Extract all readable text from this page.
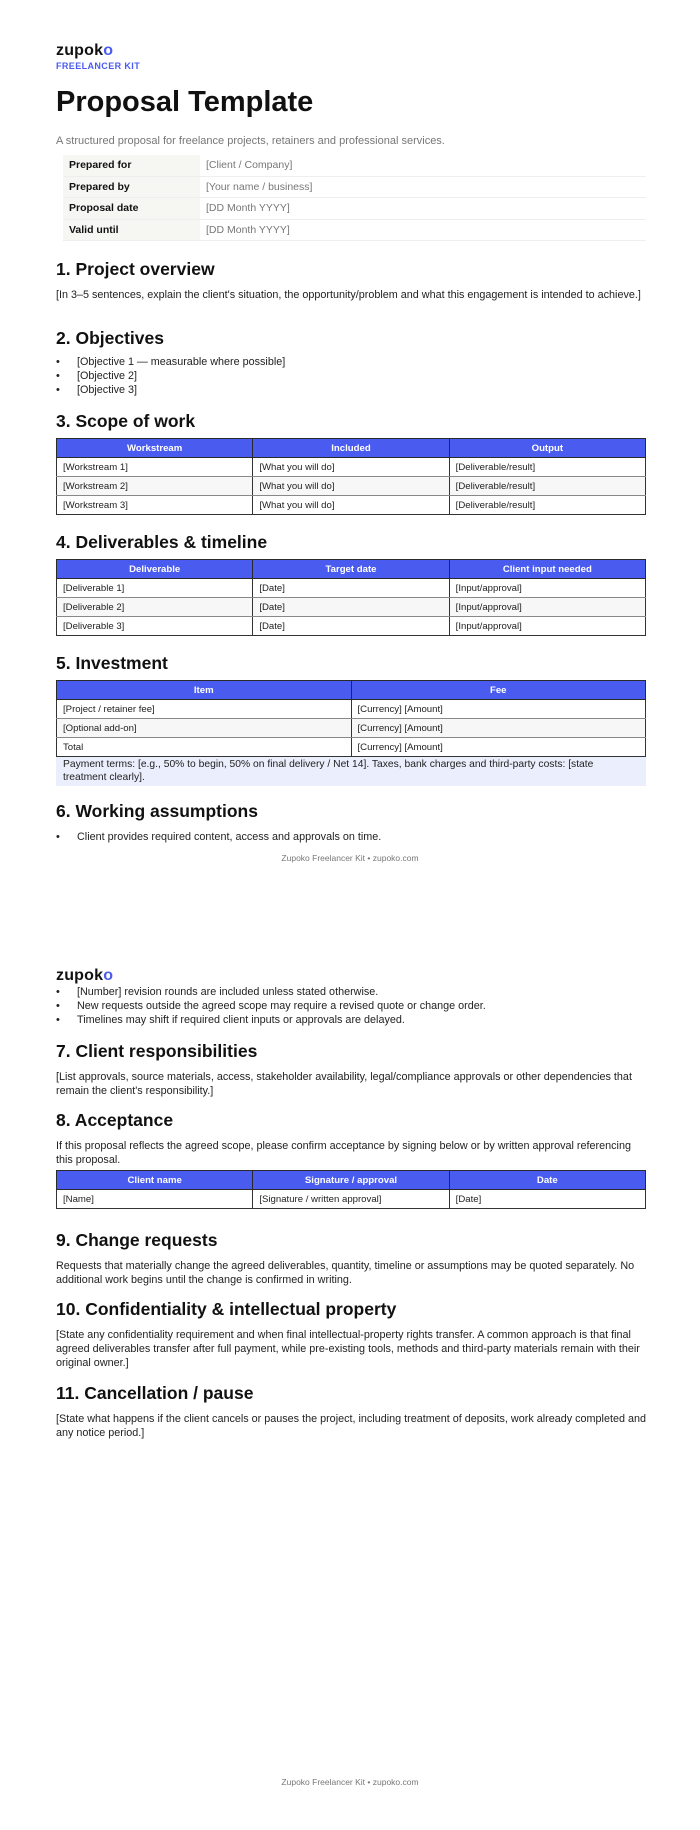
zupoko
FREELANCER KIT
Proposal Template
A structured proposal for freelance projects, retainers and professional services.
Prepared for	[Client / Company]
Prepared by	[Your name / business]
Proposal date	[DD Month YYYY]
Valid until	[DD Month YYYY]
1. Project overview
[In 3–5 sentences, explain the client's situation, the opportunity/problem and what this engagement is intended to achieve.]
2. Objectives
• [Objective 1 — measurable where possible]
• [Objective 2]
• [Objective 3]
3. Scope of work
Workstream	Included	Output
[Workstream 1]	[What you will do]	[Deliverable/result]
[Workstream 2]	[What you will do]	[Deliverable/result]
[Workstream 3]	[What you will do]	[Deliverable/result]
4. Deliverables & timeline
Deliverable	Target date	Client input needed
[Deliverable 1]	[Date]	[Input/approval]
[Deliverable 2]	[Date]	[Input/approval]
[Deliverable 3]	[Date]	[Input/approval]
5. Investment
Item	Fee
[Project / retainer fee]	[Currency] [Amount]
[Optional add-on]	[Currency] [Amount]
Total	[Currency] [Amount]
Payment terms: [e.g., 50% to begin, 50% on final delivery / Net 14]. Taxes, bank charges and third-party costs: [state treatment clearly].
6. Working assumptions
• Client provides required content, access and approvals on time.
Zupoko Freelancer Kit • zupoko.com
zupoko
• [Number] revision rounds are included unless stated otherwise.
• New requests outside the agreed scope may require a revised quote or change order.
• Timelines may shift if required client inputs or approvals are delayed.
7. Client responsibilities
[List approvals, source materials, access, stakeholder availability, legal/compliance approvals or other dependencies that remain the client's responsibility.]
8. Acceptance
If this proposal reflects the agreed scope, please confirm acceptance by signing below or by written approval referencing this proposal.
Client name	Signature / approval	Date
[Name]	[Signature / written approval]	[Date]
9. Change requests
Requests that materially change the agreed deliverables, quantity, timeline or assumptions may be quoted separately. No additional work begins until the change is confirmed in writing.
10. Confidentiality & intellectual property
[State any confidentiality requirement and when final intellectual-property rights transfer. A common approach is that final agreed deliverables transfer after full payment, while pre-existing tools, methods and third-party materials remain with their original owner.]
11. Cancellation / pause
[State what happens if the client cancels or pauses the project, including treatment of deposits, work already completed and any notice period.]
Zupoko Freelancer Kit • zupoko.com
